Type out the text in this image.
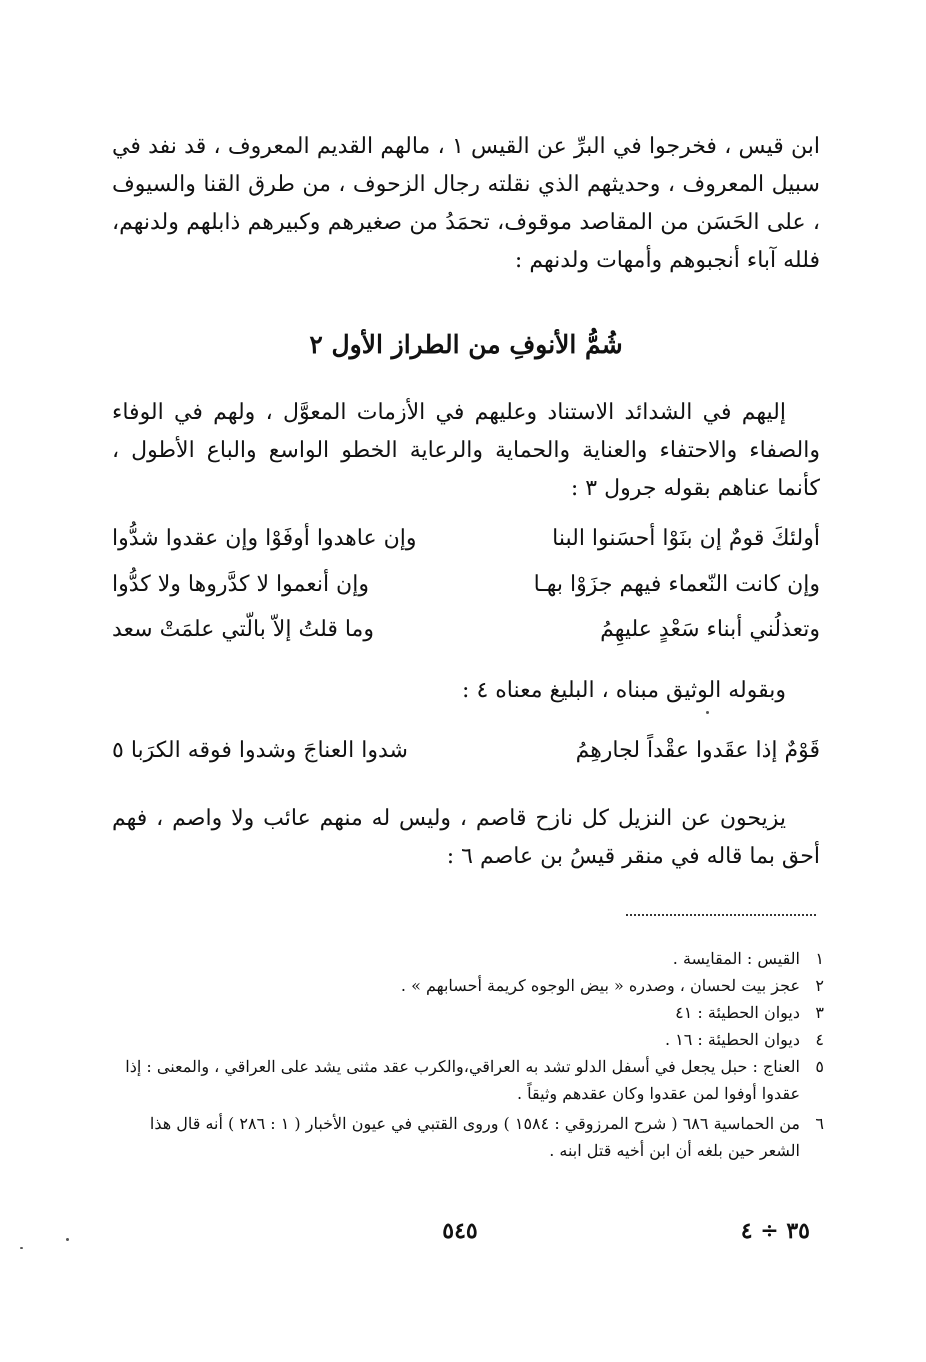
ابن قيس ، فخرجوا في البرِّ عن القيس ١ ، مالهم القديم المعروف ، قد نفد في سبيل المعروف ، وحديثهم الذي نقلته رجال الزحوف ، من طرق القنا والسيوف ، على الحَسَن من المقاصد موقوف، تحمَدُ من صغيرهم وكبيرهم ذابلهم ولدنهم، فلله آباء أنجبوهم وأمهات ولدنهم :

شُمُّ الأنوفِ من الطراز الأول ٢

إليهم في الشدائد الاستناد وعليهم في الأزمات المعوَّل ، ولهم في الوفاء والصفاء والاحتفاء والعناية والحماية والرعاية الخطو الواسع والباع الأطول ، كأنما عناهم بقوله جرول ٣ :

أولئكَ قومٌ إن بنَوْا أحسَنوا البنا
وإن عاهدوا أوفَوْا وإن عقدوا شدُّوا
وإن كانت النّعماء فيهم جزَوْا بهـا
وإن أنعموا لا كدَّروها ولا كدُّوا
وتعذلُني أبناء سَعْدٍ عليهِمُ
وما قلتُ إلاّ بالّتي علمَتْ سعد

وبقوله الوثيق مبناه ، البليغ معناه ٤ :

قَوْمٌ إذا عقَدوا عقْداً لجارهِمُ
شدوا العناجَ وشدوا فوقه الكرَبا ٥

يزيحون عن النزيل كل نازح قاصم ، وليس له منهم عائب ولا واصم ، فهم أحق بما قاله في منقر قيسُ بن عاصم ٦ :

١
القيس : المقايسة .
٢
عجز بيت لحسان ، وصدره « بيض الوجوه كريمة أحسابهم » .
٣
ديوان الحطيئة : ٤١
٤
ديوان الحطيئة : ١٦ .
٥
العناج : حبل يجعل في أسفل الدلو تشد به العراقي،والكرب عقد مثنى يشد على العراقي ، والمعنى : إذا عقدوا أوفوا لمن عقدوا وكان عقدهم وثيقاً .
٦
من الحماسية ٦٨٦ ( شرح المرزوقي : ١٥٨٤ ) وروى القتبي في عيون الأخبار ( ١ : ٢٨٦ ) أنه قال هذا الشعر حين بلغه أن ابن أخيه قتل ابنه .
٥٤٥	٣٥ ÷ ٤
